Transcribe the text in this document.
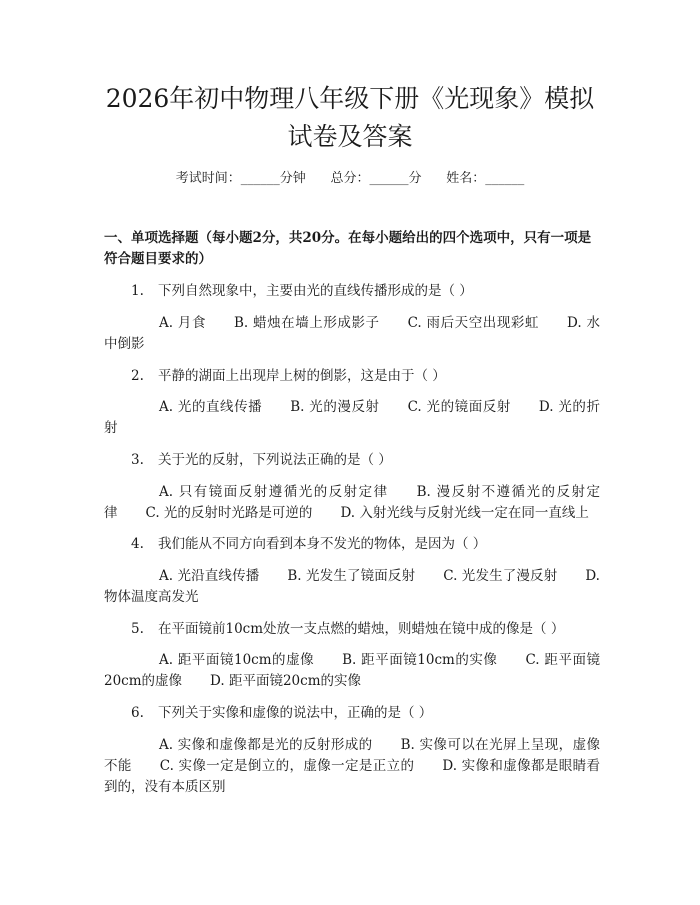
2026年初中物理八年级下册《光现象》模拟
试卷及答案
考试时间：______分钟      总分：______分      姓名：______
一、单项选择题（每小题2分，共20分。在每小题给出的四个选项中，只有一项是符合题目要求的）
1. 下列自然现象中，主要由光的直线传播形成的是（ ）
A. 月食 B. 蜡烛在墙上形成影子 C. 雨后天空出现彩虹 D. 水中倒影
2. 平静的湖面上出现岸上树的倒影，这是由于（ ）
A. 光的直线传播 B. 光的漫反射 C. 光的镜面反射 D. 光的折射
3. 关于光的反射，下列说法正确的是（ ）
A. 只有镜面反射遵循光的反射定律 B. 漫反射不遵循光的反射定律 C. 光的反射时光路是可逆的 D. 入射光线与反射光线一定在同一直线上
4. 我们能从不同方向看到本身不发光的物体，是因为（ ）
A. 光沿直线传播 B. 光发生了镜面反射 C. 光发生了漫反射 D. 物体温度高发光
5. 在平面镜前10cm处放一支点燃的蜡烛，则蜡烛在镜中成的像是（ ）
A. 距平面镜10cm的虚像 B. 距平面镜10cm的实像 C. 距平面镜20cm的虚像 D. 距平面镜20cm的实像
6. 下列关于实像和虚像的说法中，正确的是（ ）
A. 实像和虚像都是光的反射形成的 B. 实像可以在光屏上呈现，虚像不能 C. 实像一定是倒立的，虚像一定是正立的 D. 实像和虚像都是眼睛看到的，没有本质区别
